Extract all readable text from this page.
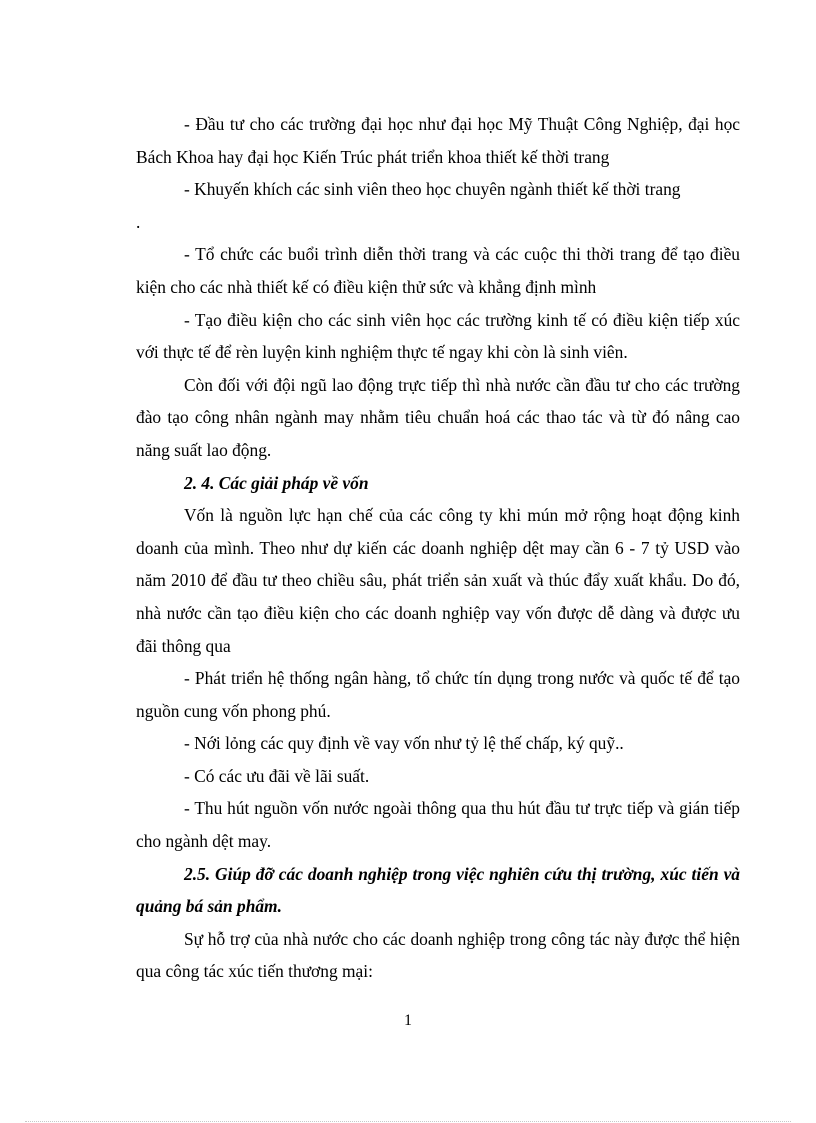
- Đầu tư cho các trường đại học như đại học Mỹ Thuật Công Nghiệp, đại học Bách Khoa hay đại học Kiến Trúc phát triển khoa thiết kế thời trang

- Khuyến khích các sinh viên theo học chuyên ngành thiết kế thời trang

.

- Tổ chức các buổi trình diễn thời trang và các cuộc thi thời trang để tạo điều kiện cho các nhà thiết kế có điều kiện thử sức và khẳng định mình

- Tạo điều kiện cho các sinh viên học các trường kinh tế có điều kiện tiếp xúc với thực tế để rèn luyện kinh nghiệm thực tế ngay khi còn là sinh viên.

Còn đối với đội ngũ lao động trực tiếp thì nhà nước cần đầu tư cho các trường đào tạo công nhân ngành may nhằm tiêu chuẩn hoá các thao tác và từ đó nâng cao năng suất lao động.

2. 4. Các giải pháp về vốn

Vốn là nguồn lực hạn chế của các công ty khi mún mở rộng hoạt động kinh doanh của mình. Theo như dự kiến các doanh nghiệp dệt may cần 6 - 7 tỷ USD vào năm 2010 để đầu tư theo chiều sâu, phát triển sản xuất và thúc đẩy xuất khẩu. Do đó, nhà nước cần tạo điều kiện cho các doanh nghiệp vay vốn được dễ dàng và được ưu đãi thông qua

- Phát triển hệ thống ngân hàng, tổ chức tín dụng trong nước và quốc tế để tạo nguồn cung vốn phong phú.

- Nới lỏng các quy định về vay vốn như tỷ lệ thế chấp, ký quỹ..

- Có các ưu đãi về lãi suất.

- Thu hút nguồn vốn nước ngoài thông qua thu hút đầu tư trực tiếp và gián tiếp cho ngành dệt may.

2.5. Giúp đỡ các doanh nghiệp trong việc nghiên cứu thị trường, xúc tiến và quảng bá sản phẩm.

Sự hỗ trợ của nhà nước cho các doanh nghiệp trong công tác này được thể hiện qua công tác xúc tiến thương mại:

1
